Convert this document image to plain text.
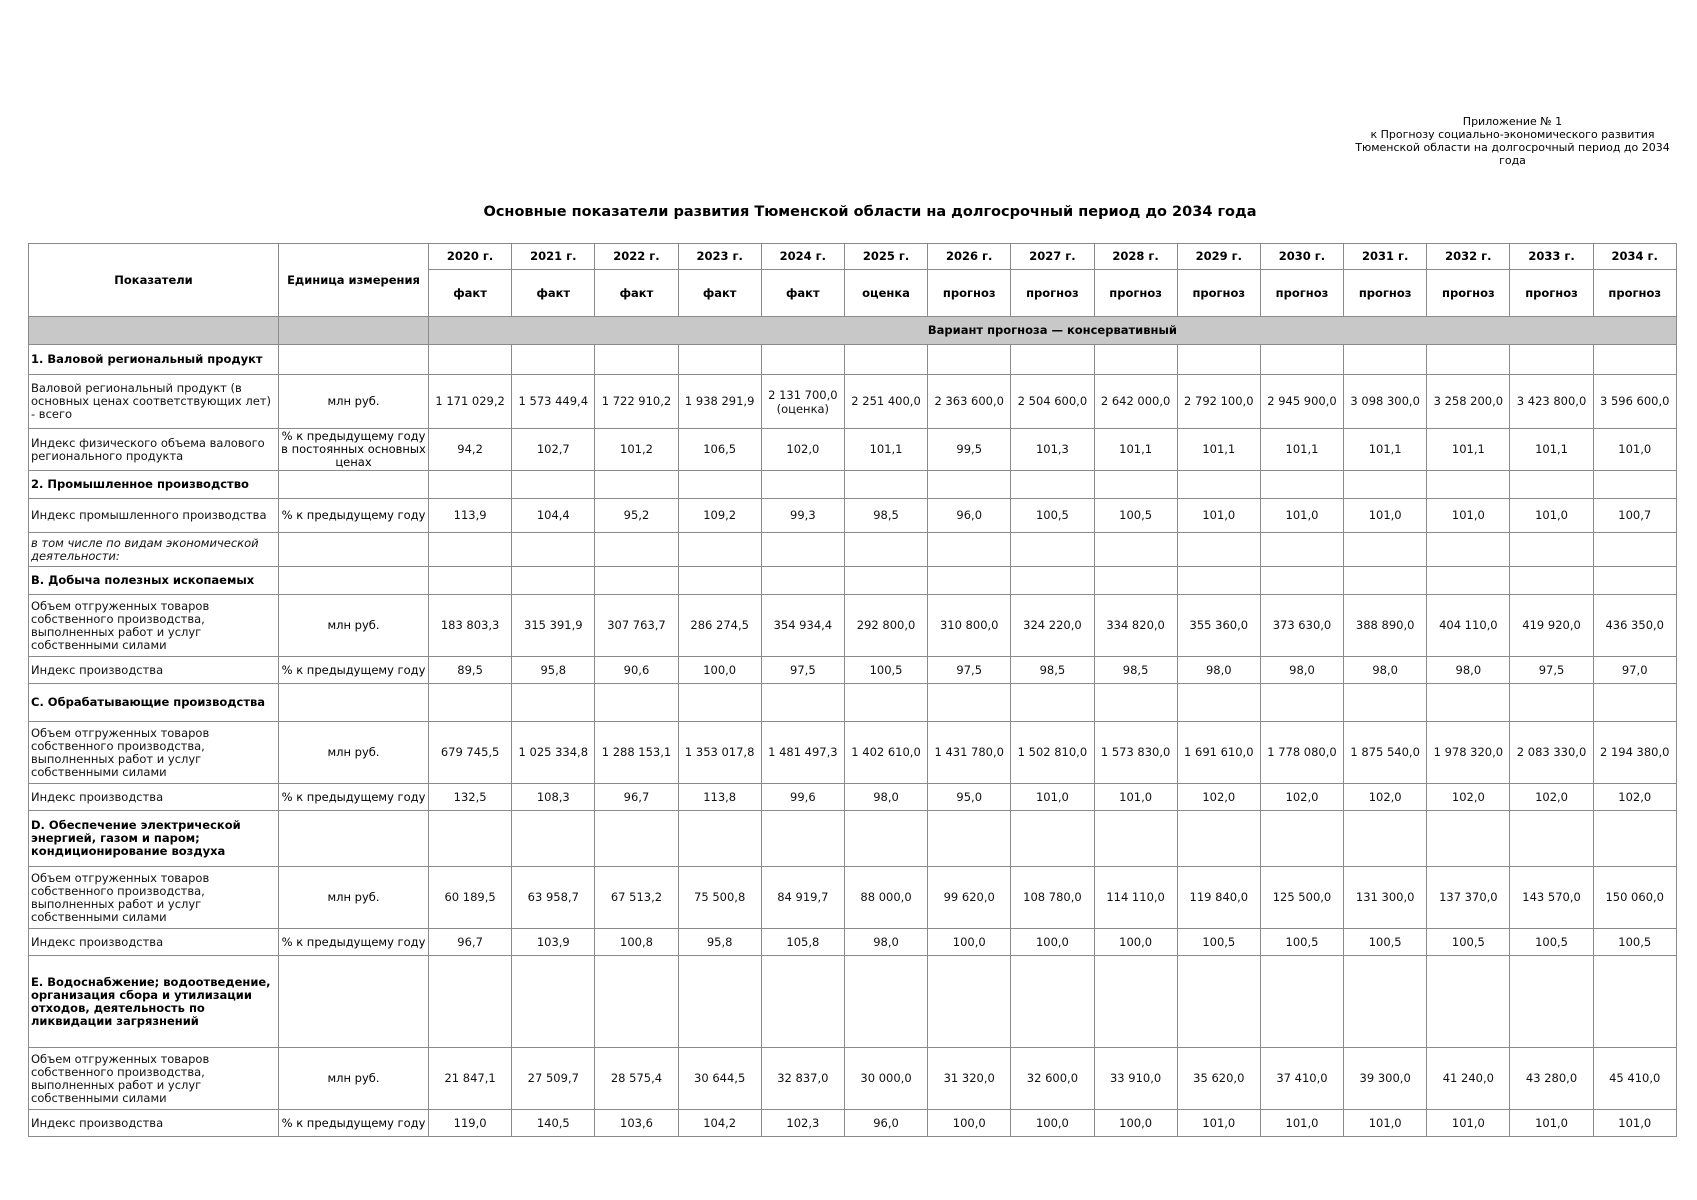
Приложение № 1
к Прогнозу социально-экономического развития
Тюменской области на долгосрочный период до 2034
года
Основные показатели развития Тюменской области на долгосрочный период до 2034 года
Показатели	Единица измерения	2020 г.	2021 г.	2022 г.	2023 г.	2024 г.	2025 г.	2026 г.	2027 г.	2028 г.	2029 г.	2030 г.	2031 г.	2032 г.	2033 г.	2034 г.
		факт	факт	факт	факт	факт	оценка	прогноз	прогноз	прогноз	прогноз	прогноз	прогноз	прогноз	прогноз	прогноз
		Вариант прогноза — консервативный														
1. Валовой региональный продукт																
Валовой региональный продукт (в основных ценах соответствующих лет) - всего	млн руб.	1 171 029,2	1 573 449,4	1 722 910,2	1 938 291,9	2 131 700,0 (оценка)	2 251 400,0	2 363 600,0	2 504 600,0	2 642 000,0	2 792 100,0	2 945 900,0	3 098 300,0	3 258 200,0	3 423 800,0	3 596 600,0
Индекс физического объема валового регионального продукта	% к предыдущему году в постоянных основных ценах	94,2	102,7	101,2	106,5	102,0	101,1	99,5	101,3	101,1	101,1	101,1	101,1	101,1	101,1	101,0
2. Промышленное производство																
Индекс промышленного производства	% к предыдущему году	113,9	104,4	95,2	109,2	99,3	98,5	96,0	100,5	100,5	101,0	101,0	101,0	101,0	101,0	100,7
в том числе по видам экономической деятельности:																
B. Добыча полезных ископаемых																
Объем отгруженных товаров собственного производства, выполненных работ и услуг собственными силами	млн руб.	183 803,3	315 391,9	307 763,7	286 274,5	354 934,4	292 800,0	310 800,0	324 220,0	334 820,0	355 360,0	373 630,0	388 890,0	404 110,0	419 920,0	436 350,0
Индекс производства	% к предыдущему году	89,5	95,8	90,6	100,0	97,5	100,5	97,5	98,5	98,5	98,0	98,0	98,0	98,0	97,5	97,0
C. Обрабатывающие производства																
Объем отгруженных товаров собственного производства, выполненных работ и услуг собственными силами	млн руб.	679 745,5	1 025 334,8	1 288 153,1	1 353 017,8	1 481 497,3	1 402 610,0	1 431 780,0	1 502 810,0	1 573 830,0	1 691 610,0	1 778 080,0	1 875 540,0	1 978 320,0	2 083 330,0	2 194 380,0
Индекс производства	% к предыдущему году	132,5	108,3	96,7	113,8	99,6	98,0	95,0	101,0	101,0	102,0	102,0	102,0	102,0	102,0	102,0
D. Обеспечение электрической энергией, газом и паром; кондиционирование воздуха																
Объем отгруженных товаров собственного производства, выполненных работ и услуг собственными силами	млн руб.	60 189,5	63 958,7	67 513,2	75 500,8	84 919,7	88 000,0	99 620,0	108 780,0	114 110,0	119 840,0	125 500,0	131 300,0	137 370,0	143 570,0	150 060,0
Индекс производства	% к предыдущему году	96,7	103,9	100,8	95,8	105,8	98,0	100,0	100,0	100,0	100,5	100,5	100,5	100,5	100,5	100,5
E. Водоснабжение; водоотведение, организация сбора и утилизации отходов, деятельность по ликвидации загрязнений																
Объем отгруженных товаров собственного производства, выполненных работ и услуг собственными силами	млн руб.	21 847,1	27 509,7	28 575,4	30 644,5	32 837,0	30 000,0	31 320,0	32 600,0	33 910,0	35 620,0	37 410,0	39 300,0	41 240,0	43 280,0	45 410,0
Индекс производства	% к предыдущему году	119,0	140,5	103,6	104,2	102,3	96,0	100,0	100,0	100,0	101,0	101,0	101,0	101,0	101,0	101,0
